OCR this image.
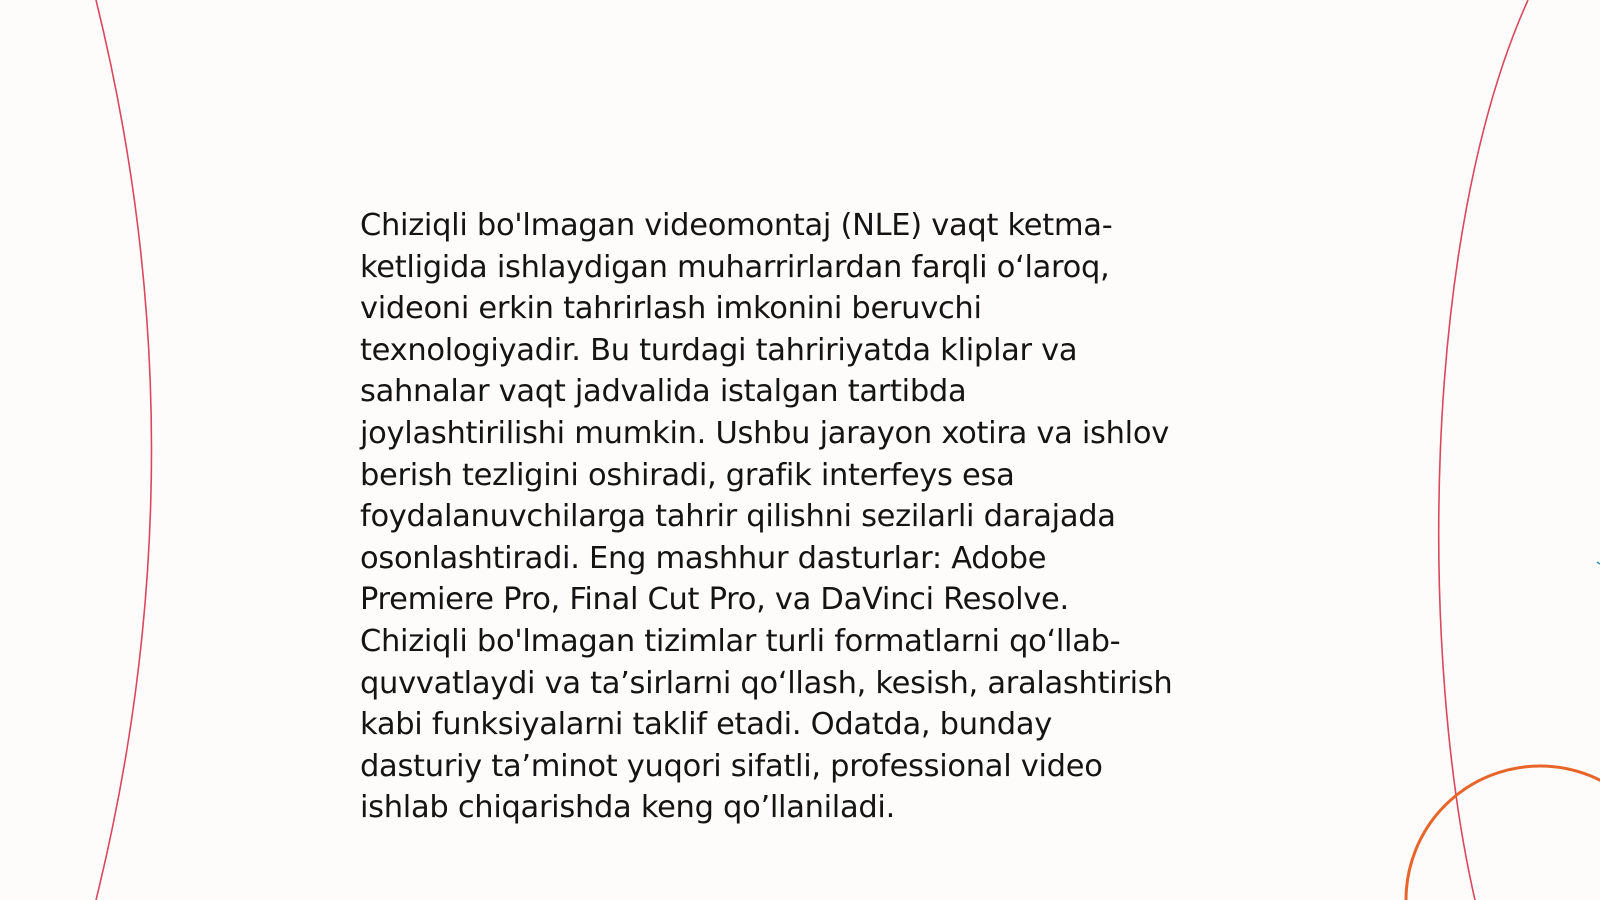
Chiziqli bo'lmagan videomontaj (NLE) vaqt ketma-
ketligida ishlaydigan muharrirlardan farqli o‘laroq,
videoni erkin tahrirlash imkonini beruvchi
texnologiyadir. Bu turdagi tahririyatda kliplar va
sahnalar vaqt jadvalida istalgan tartibda
joylashtirilishi mumkin. Ushbu jarayon xotira va ishlov
berish tezligini oshiradi, grafik interfeys esa
foydalanuvchilarga tahrir qilishni sezilarli darajada
osonlashtiradi. Eng mashhur dasturlar: Adobe
Premiere Pro, Final Cut Pro, va DaVinci Resolve.
Chiziqli bo'lmagan tizimlar turli formatlarni qo‘llab-
quvvatlaydi va ta’sirlarni qo‘llash, kesish, aralashtirish
kabi funksiyalarni taklif etadi. Odatda, bunday
dasturiy ta’minot yuqori sifatli, professional video
ishlab chiqarishda keng qo’llaniladi.
